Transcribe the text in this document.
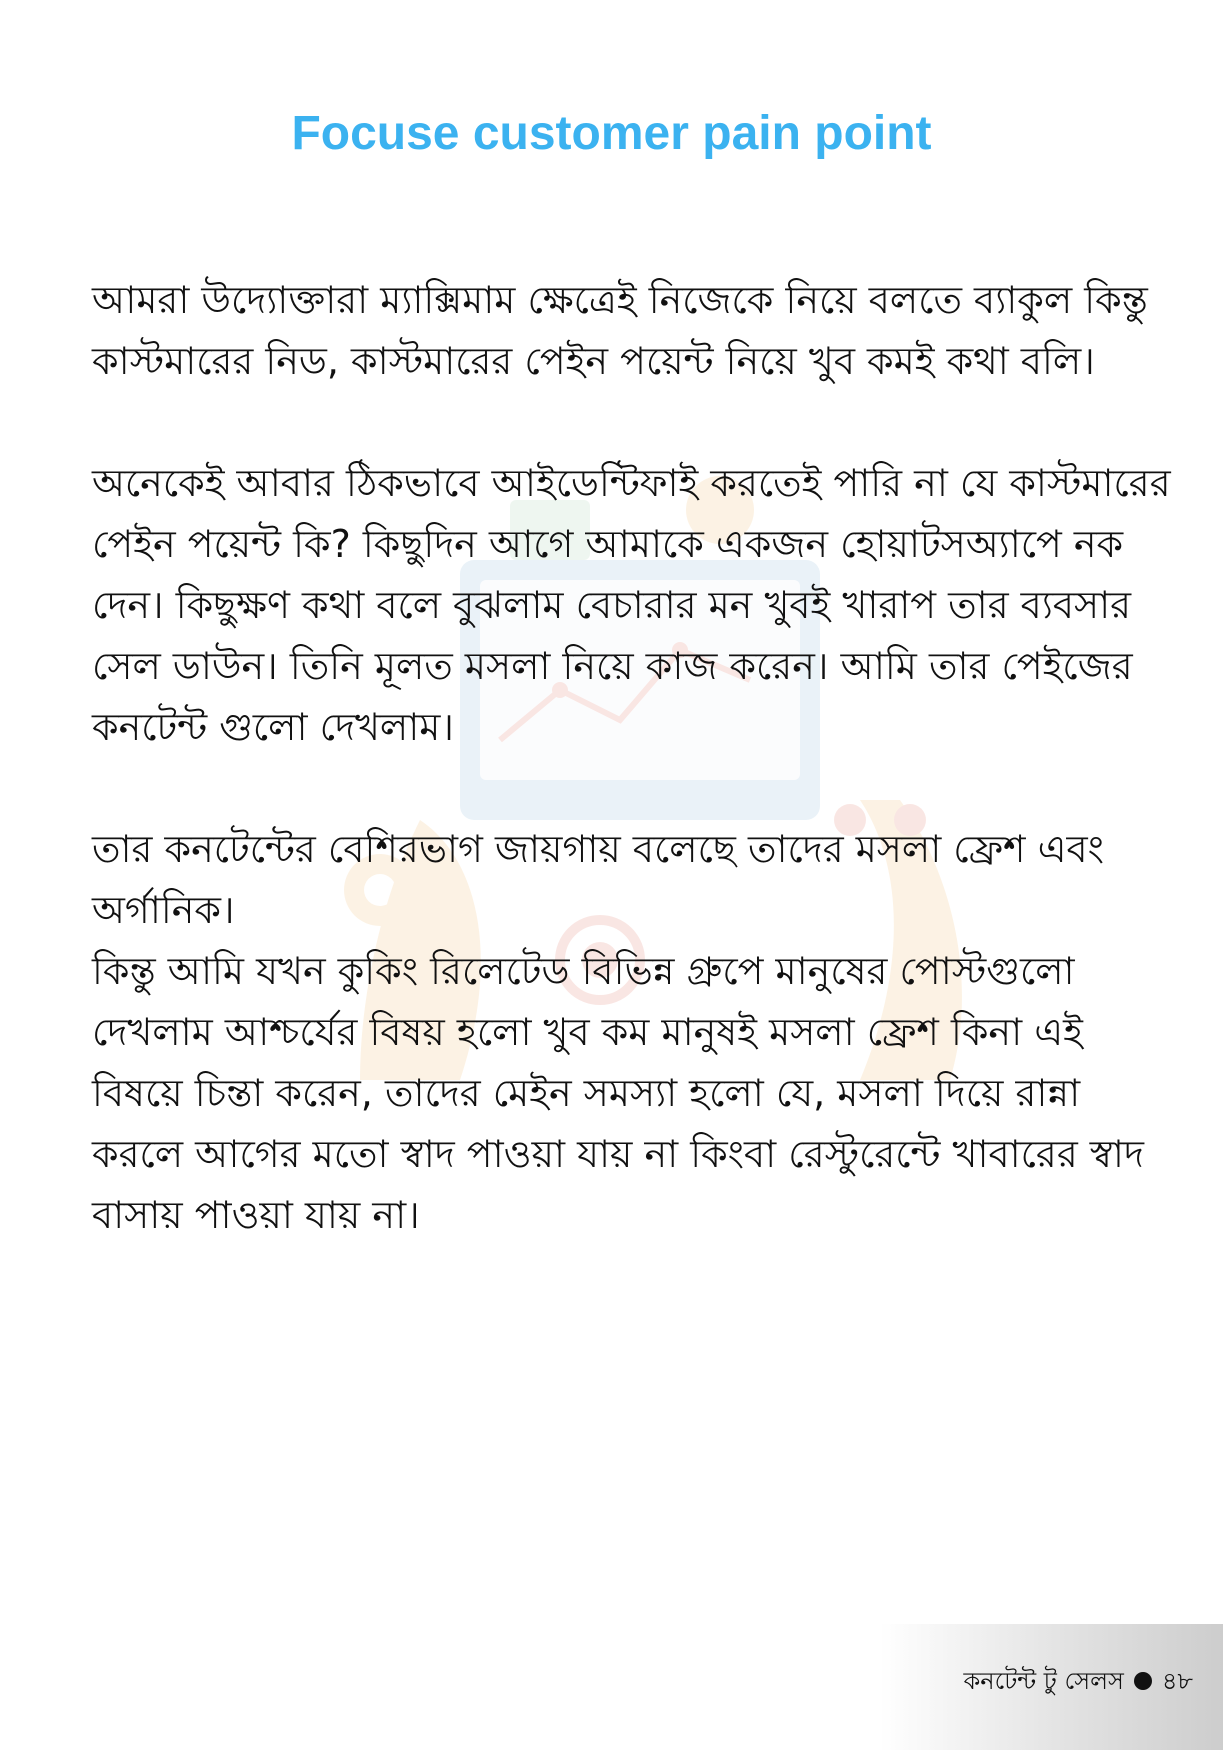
Focuse customer pain point

আমরা উদ্যোক্তারা ম্যাক্সিমাম ক্ষেত্রেই নিজেকে নিয়ে বলতে ব্যাকুল কিন্তু কাস্টমারের নিড, কাস্টমারের পেইন পয়েন্ট নিয়ে খুব কমই কথা বলি।

অনেকেই আবার ঠিকভাবে আইডেন্টিফাই করতেই পারি না যে কাস্টমারের পেইন পয়েন্ট কি? কিছুদিন আগে আমাকে একজন হোয়াটসঅ্যাপে নক দেন। কিছুক্ষণ কথা বলে বুঝলাম বেচারার মন খুবই খারাপ তার ব্যবসার সেল ডাউন। তিনি মূলত মসলা নিয়ে কাজ করেন। আমি তার পেইজের কনটেন্ট গুলো দেখলাম।

তার কনটেন্টের বেশিরভাগ জায়গায় বলেছে তাদের মসলা ফ্রেশ এবং অর্গানিক।

কিন্তু আমি যখন কুকিং রিলেটেড বিভিন্ন গ্রুপে মানুষের পোস্টগুলো দেখলাম আশ্চর্যের বিষয় হলো খুব কম মানুষই মসলা ফ্রেশ কিনা এই বিষয়ে চিন্তা করেন, তাদের মেইন সমস্যা হলো যে, মসলা দিয়ে রান্না করলে আগের মতো স্বাদ পাওয়া যায় না কিংবা রেস্টুরেন্টে খাবারের স্বাদ বাসায় পাওয়া যায় না।

কনটেন্ট টু সেলস ৪৮
